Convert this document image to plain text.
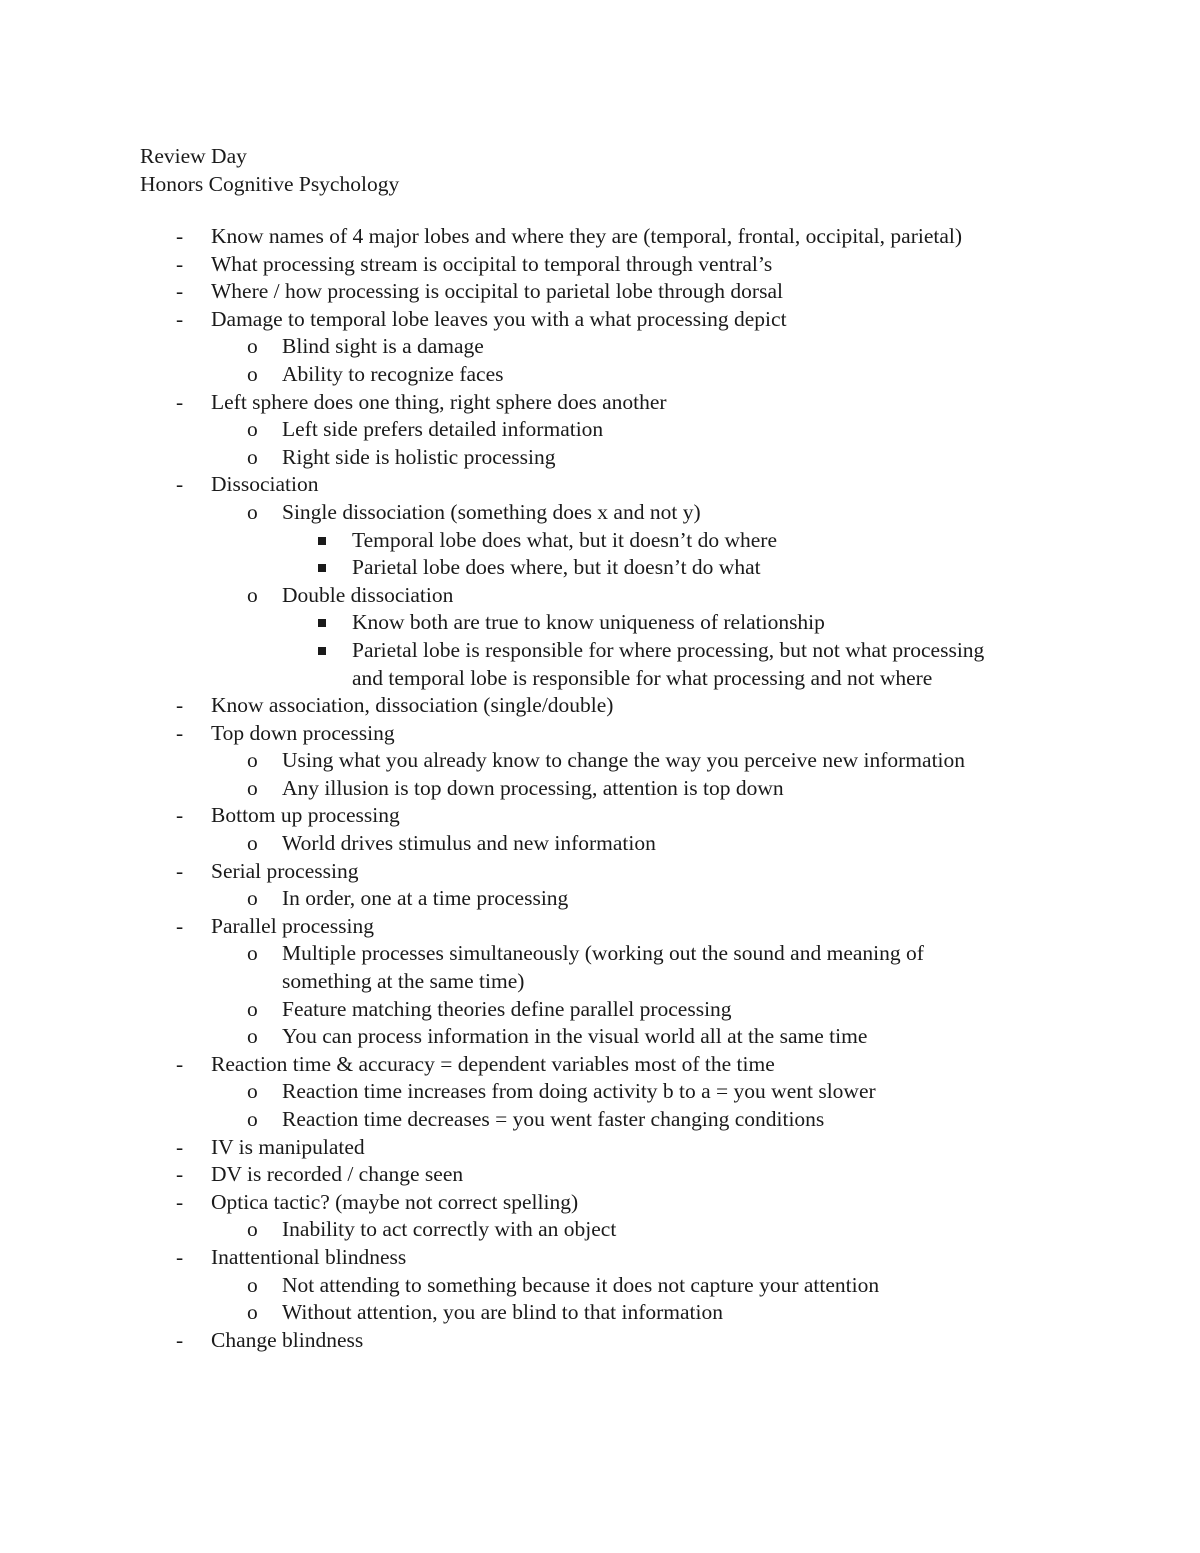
Review Day
Honors Cognitive Psychology
- Know names of 4 major lobes and where they are (temporal, frontal, occipital, parietal)
- What processing stream is occipital to temporal through ventral’s
- Where / how processing is occipital to parietal lobe through dorsal
- Damage to temporal lobe leaves you with a what processing depict
o Blind sight is a damage
o Ability to recognize faces
- Left sphere does one thing, right sphere does another
o Left side prefers detailed information
o Right side is holistic processing
- Dissociation
o Single dissociation (something does x and not y)
Temporal lobe does what, but it doesn’t do where
Parietal lobe does where, but it doesn’t do what
o Double dissociation
Know both are true to know uniqueness of relationship
Parietal lobe is responsible for where processing, but not what processing
and temporal lobe is responsible for what processing and not where
- Know association, dissociation (single/double)
- Top down processing
o Using what you already know to change the way you perceive new information
o Any illusion is top down processing, attention is top down
- Bottom up processing
o World drives stimulus and new information
- Serial processing
o In order, one at a time processing
- Parallel processing
o Multiple processes simultaneously (working out the sound and meaning of
something at the same time)
o Feature matching theories define parallel processing
o You can process information in the visual world all at the same time
- Reaction time & accuracy = dependent variables most of the time
o Reaction time increases from doing activity b to a = you went slower
o Reaction time decreases = you went faster changing conditions
- IV is manipulated
- DV is recorded / change seen
- Optica tactic? (maybe not correct spelling)
o Inability to act correctly with an object
- Inattentional blindness
o Not attending to something because it does not capture your attention
o Without attention, you are blind to that information
- Change blindness
